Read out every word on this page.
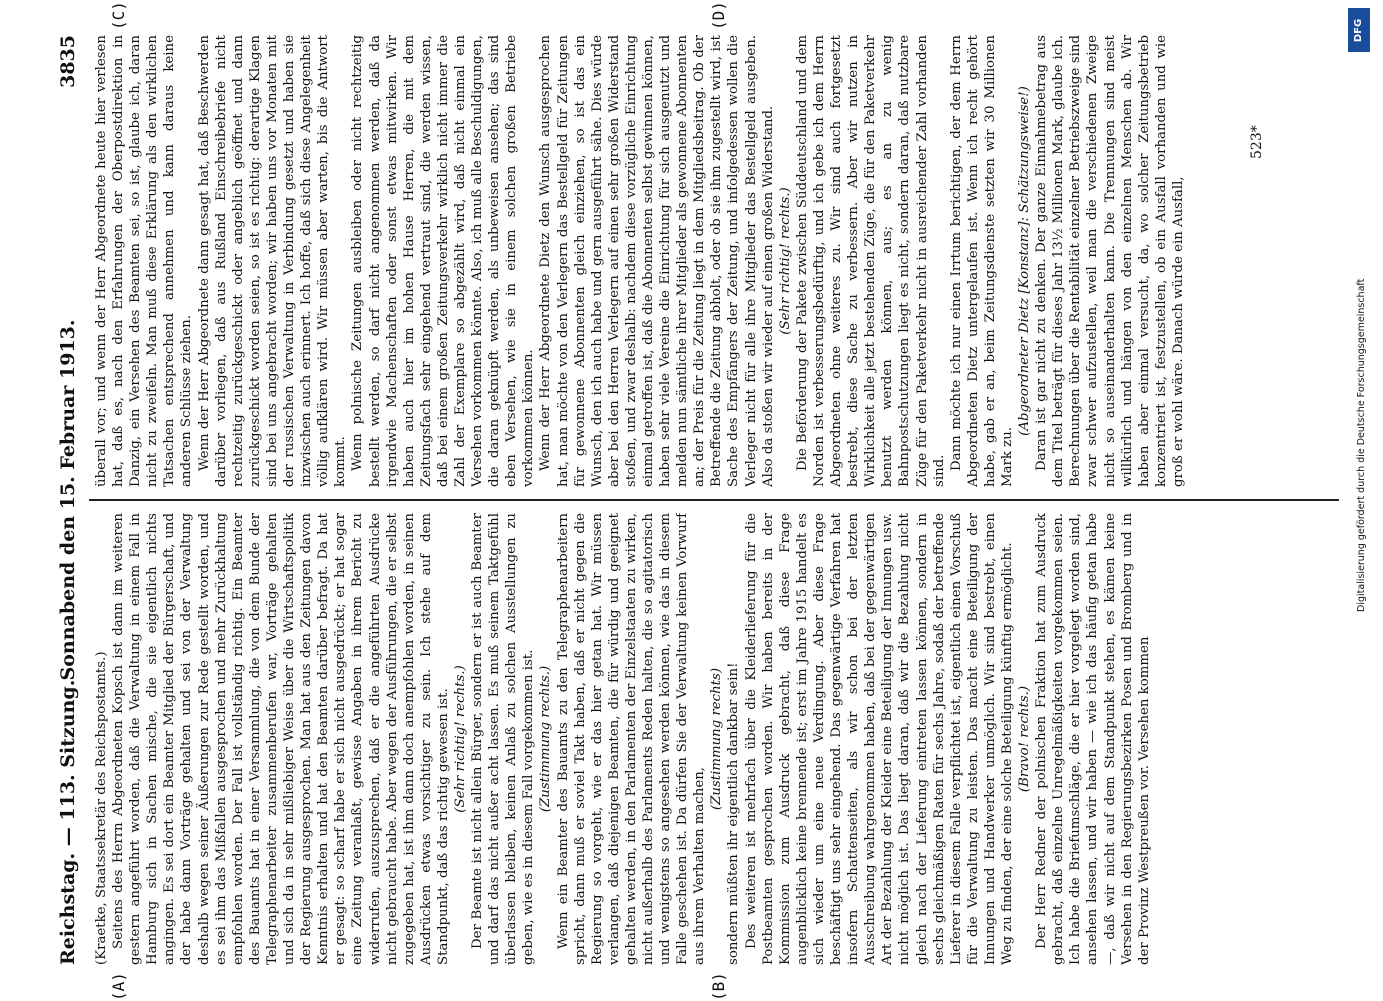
Reichstag. — 113. Sitzung.
Sonnabend den 15. Februar 1913.
3835
(A)	(B)
(C)	(D)

(Kraetke, Staatssekretär des Reichspostamts.) Seitens des Herrn Abgeordneten Kopsch ist dann im weiteren gestern angeführt worden, daß die Verwaltung in einem Fall in Hamburg sich in Sachen mische, die sie eigentlich nichts angingen. Es sei dort ein Beamter Mitglied der Bürgerschaft, und der habe dann Vorträge gehalten und sei von der Verwaltung deshalb wegen seiner Äußerungen zur Rede gestellt worden, und es sei ihm das Mißfallen ausgesprochen und mehr Zurückhaltung empfohlen worden. Der Fall ist vollständig richtig. Ein Beamter des Bauamts hat in einer Versammlung, die von dem Bunde der Telegraphenarbeiter zusammenberufen war, Vorträge gehalten und sich da in sehr mißliebiger Weise über die Wirtschaftspolitik der Regierung ausgesprochen. Man hat aus den Zeitungen davon Kenntnis erhalten und hat den Beamten darüber befragt. Da hat er gesagt: so scharf habe er sich nicht ausgedrückt; er hat sogar eine Zeitung veranlaßt, gewisse Angaben in ihrem Bericht zu widerrufen, auszusprechen, daß er die angeführten Ausdrücke nicht gebraucht habe. Aber wegen der Ausführungen, die er selbst zugegeben hat, ist ihm dann doch anempfohlen worden, in seinen Ausdrücken etwas vorsichtiger zu sein. Ich stehe auf dem Standpunkt, daß das richtig gewesen ist. (Sehr richtig! rechts.) Der Beamte ist nicht allein Bürger, sondern er ist auch Beamter und darf das nicht außer acht lassen. Es muß seinem Taktgefühl überlassen bleiben, keinen Anlaß zu solchen Ausstellungen zu geben, wie es in diesem Fall vorgekommen ist. (Zustimmung rechts.) Wenn ein Beamter des Bauamts zu den Telegraphenarbeitern spricht, dann muß er soviel Takt haben, daß er nicht gegen die Regierung so vorgeht, wie er das hier getan hat. Wir müssen verlangen, daß diejenigen Beamten, die für würdig und geeignet gehalten werden, in den Parlamenten der Einzelstaaten zu wirken, nicht außerhalb des Parlaments Reden halten, die so agitatorisch und wenigstens so angesehen werden können, wie das in diesem Falle geschehen ist. Da dürfen Sie der Verwaltung keinen Vorwurf aus ihrem Verhalten machen,

(Zustimmung rechts) sondern müßten ihr eigentlich dankbar sein! Des weiteren ist mehrfach über die Kleiderlieferung für die Postbeamten gesprochen worden. Wir haben bereits in der Kommission zum Ausdruck gebracht, daß diese Frage augenblicklich keine brennende ist; erst im Jahre 1915 handelt es sich wieder um eine neue Verdingung. Aber diese Frage beschäftigt uns sehr eingehend. Das gegenwärtige Verfahren hat insofern Schattenseiten, als wir schon bei der letzten Ausschreibung wahrgenommen haben, daß bei der gegenwärtigen Art der Bezahlung der Kleider eine Beteiligung der Innungen usw. nicht möglich ist. Das liegt daran, daß wir die Bezahlung nicht gleich nach der Lieferung eintreten lassen können, sondern in sechs gleichmäßigen Raten für sechs Jahre, sodaß der betreffende Lieferer in diesem Falle verpflichtet ist, eigentlich einen Vorschuß für die Verwaltung zu leisten. Das macht eine Beteiligung der Innungen und Handwerker unmöglich. Wir sind bestrebt, einen Weg zu finden, der eine solche Beteiligung künftig ermöglicht. (Bravo! rechts.) Der Herr Redner der polnischen Fraktion hat zum Ausdruck gebracht, daß einzelne Unregelmäßigkeiten vorgekommen seien. Ich habe die Briefumschläge, die er hier vorgelegt worden sind, ansehen lassen, und wir haben — wie ich das häufig getan habe —, daß wir nicht auf dem Standpunkt stehen, es kämen keine Versehen in den Regierungsbezirken Posen und Bromberg und in der Provinz Westpreußen vor. Versehen kommen

überall vor; und wenn der Herr Abgeordnete heute hier verlesen hat, daß es, nach den Erfahrungen der Oberpostdirektion in Danzig, ein Versehen des Beamten sei, so ist, glaube ich, daran nicht zu zweifeln. Man muß diese Erklärung als den wirklichen Tatsachen entsprechend annehmen und kann daraus keine anderen Schlüsse ziehen. Wenn der Herr Abgeordnete dann gesagt hat, daß Beschwerden darüber vorliegen, daß aus Rußland Einschreibebriefe nicht rechtzeitig zurückgeschickt oder angeblich geöffnet und dann zurückgeschickt worden seien, so ist es richtig: derartige Klagen sind bei uns angebracht worden; wir haben uns vor Monaten mit der russischen Verwaltung in Verbindung gesetzt und haben sie inzwischen auch erinnert. Ich hoffe, daß sich diese Angelegenheit völlig aufklären wird. Wir müssen aber warten, bis die Antwort kommt. Wenn polnische Zeitungen ausbleiben oder nicht rechtzeitig bestellt werden, so darf nicht angenommen werden, daß da irgendwie Machenschaften oder sonst etwas mitwirken. Wir haben auch hier im hohen Hause Herren, die mit dem Zeitungsfach sehr eingehend vertraut sind, die werden wissen, daß bei einem großen Zeitungsverkehr wirklich nicht immer die Zahl der Exemplare so abgezählt wird, daß nicht einmal ein Versehen vorkommen könnte. Also, ich muß alle Beschuldigungen, die daran geknüpft werden, als unbeweisen ansehen; das sind eben Versehen, wie sie in einem solchen großen Betriebe vorkommen können. Wenn der Herr Abgeordnete Dietz den Wunsch ausgesprochen hat, man möchte von den Verlegern das Bestellgeld für Zeitungen für gewonnene Abonnenten gleich einziehen, so ist das ein Wunsch, den ich auch habe und gern ausgeführt sähe. Dies würde aber bei den Herren Verlegern auf einen sehr großen Widerstand stoßen, und zwar deshalb: nachdem diese vorzügliche Einrichtung einmal getroffen ist, daß die Abonnenten selbst gewinnen können, haben sehr viele Vereine die Einrichtung für sich ausgenutzt und melden nun sämtliche ihrer Mitglieder als gewonnene Abonnenten an; der Preis für die Zeitung liegt in dem Mitgliedsbeitrag. Ob der Betreffende die Zeitung abholt, oder ob sie ihm zugestellt wird, ist Sache des Empfängers der Zeitung, und infolgedessen wollen die Verleger nicht für alle ihre Mitglieder das Bestellgeld ausgeben. Also da stoßen wir wieder auf einen großen Widerstand. (Sehr richtig! rechts.) Die Beförderung der Pakete zwischen Süddeutschland und dem Norden ist verbesserungsbedürftig, und ich gebe ich dem Herrn Abgeordneten ohne weiteres zu. Wir sind auch fortgesetzt bestrebt, diese Sache zu verbessern. Aber wir nutzen in Wirklichkeit alle jetzt bestehenden Züge, die für den Paketverkehr benutzt werden können, aus; es an zu wenig Bahnpostschutzungen liegt es nicht, sondern daran, daß nutzbare Züge für den Paketverkehr nicht in ausreichender Zahl vorhanden sind. Dann möchte ich nur einen Irrtum berichtigen, der dem Herrn Abgeordneten Dietz untergelaufen ist. Wenn ich recht gehört habe, gab er an, beim Zeitungsdienste setzten wir 30 Millionen Mark zu.

(Abgeordneter Dietz [Konstanz]: Schätzungsweise!) Daran ist gar nicht zu denken. Der ganze Einnahmebetrag aus dem Titel beträgt für dieses Jahr 13½ Millionen Mark, glaube ich. Berechnungen über die Rentabilität einzelner Betriebszweige sind zwar schwer aufzustellen, weil man die verschiedenen Zweige nicht so auseinanderhalten kann. Die Trennungen sind meist willkürlich und hängen von den einzelnen Menschen ab. Wir haben aber einmal versucht, da, wo solcher Zeitungsbetrieb konzentriert ist, festzustellen, ob ein Ausfall vorhanden und wie groß er wohl wäre. Danach würde ein Ausfall,

523*
DFG
Digitalisierung gefördert durch die Deutsche Forschungsgemeinschaft
